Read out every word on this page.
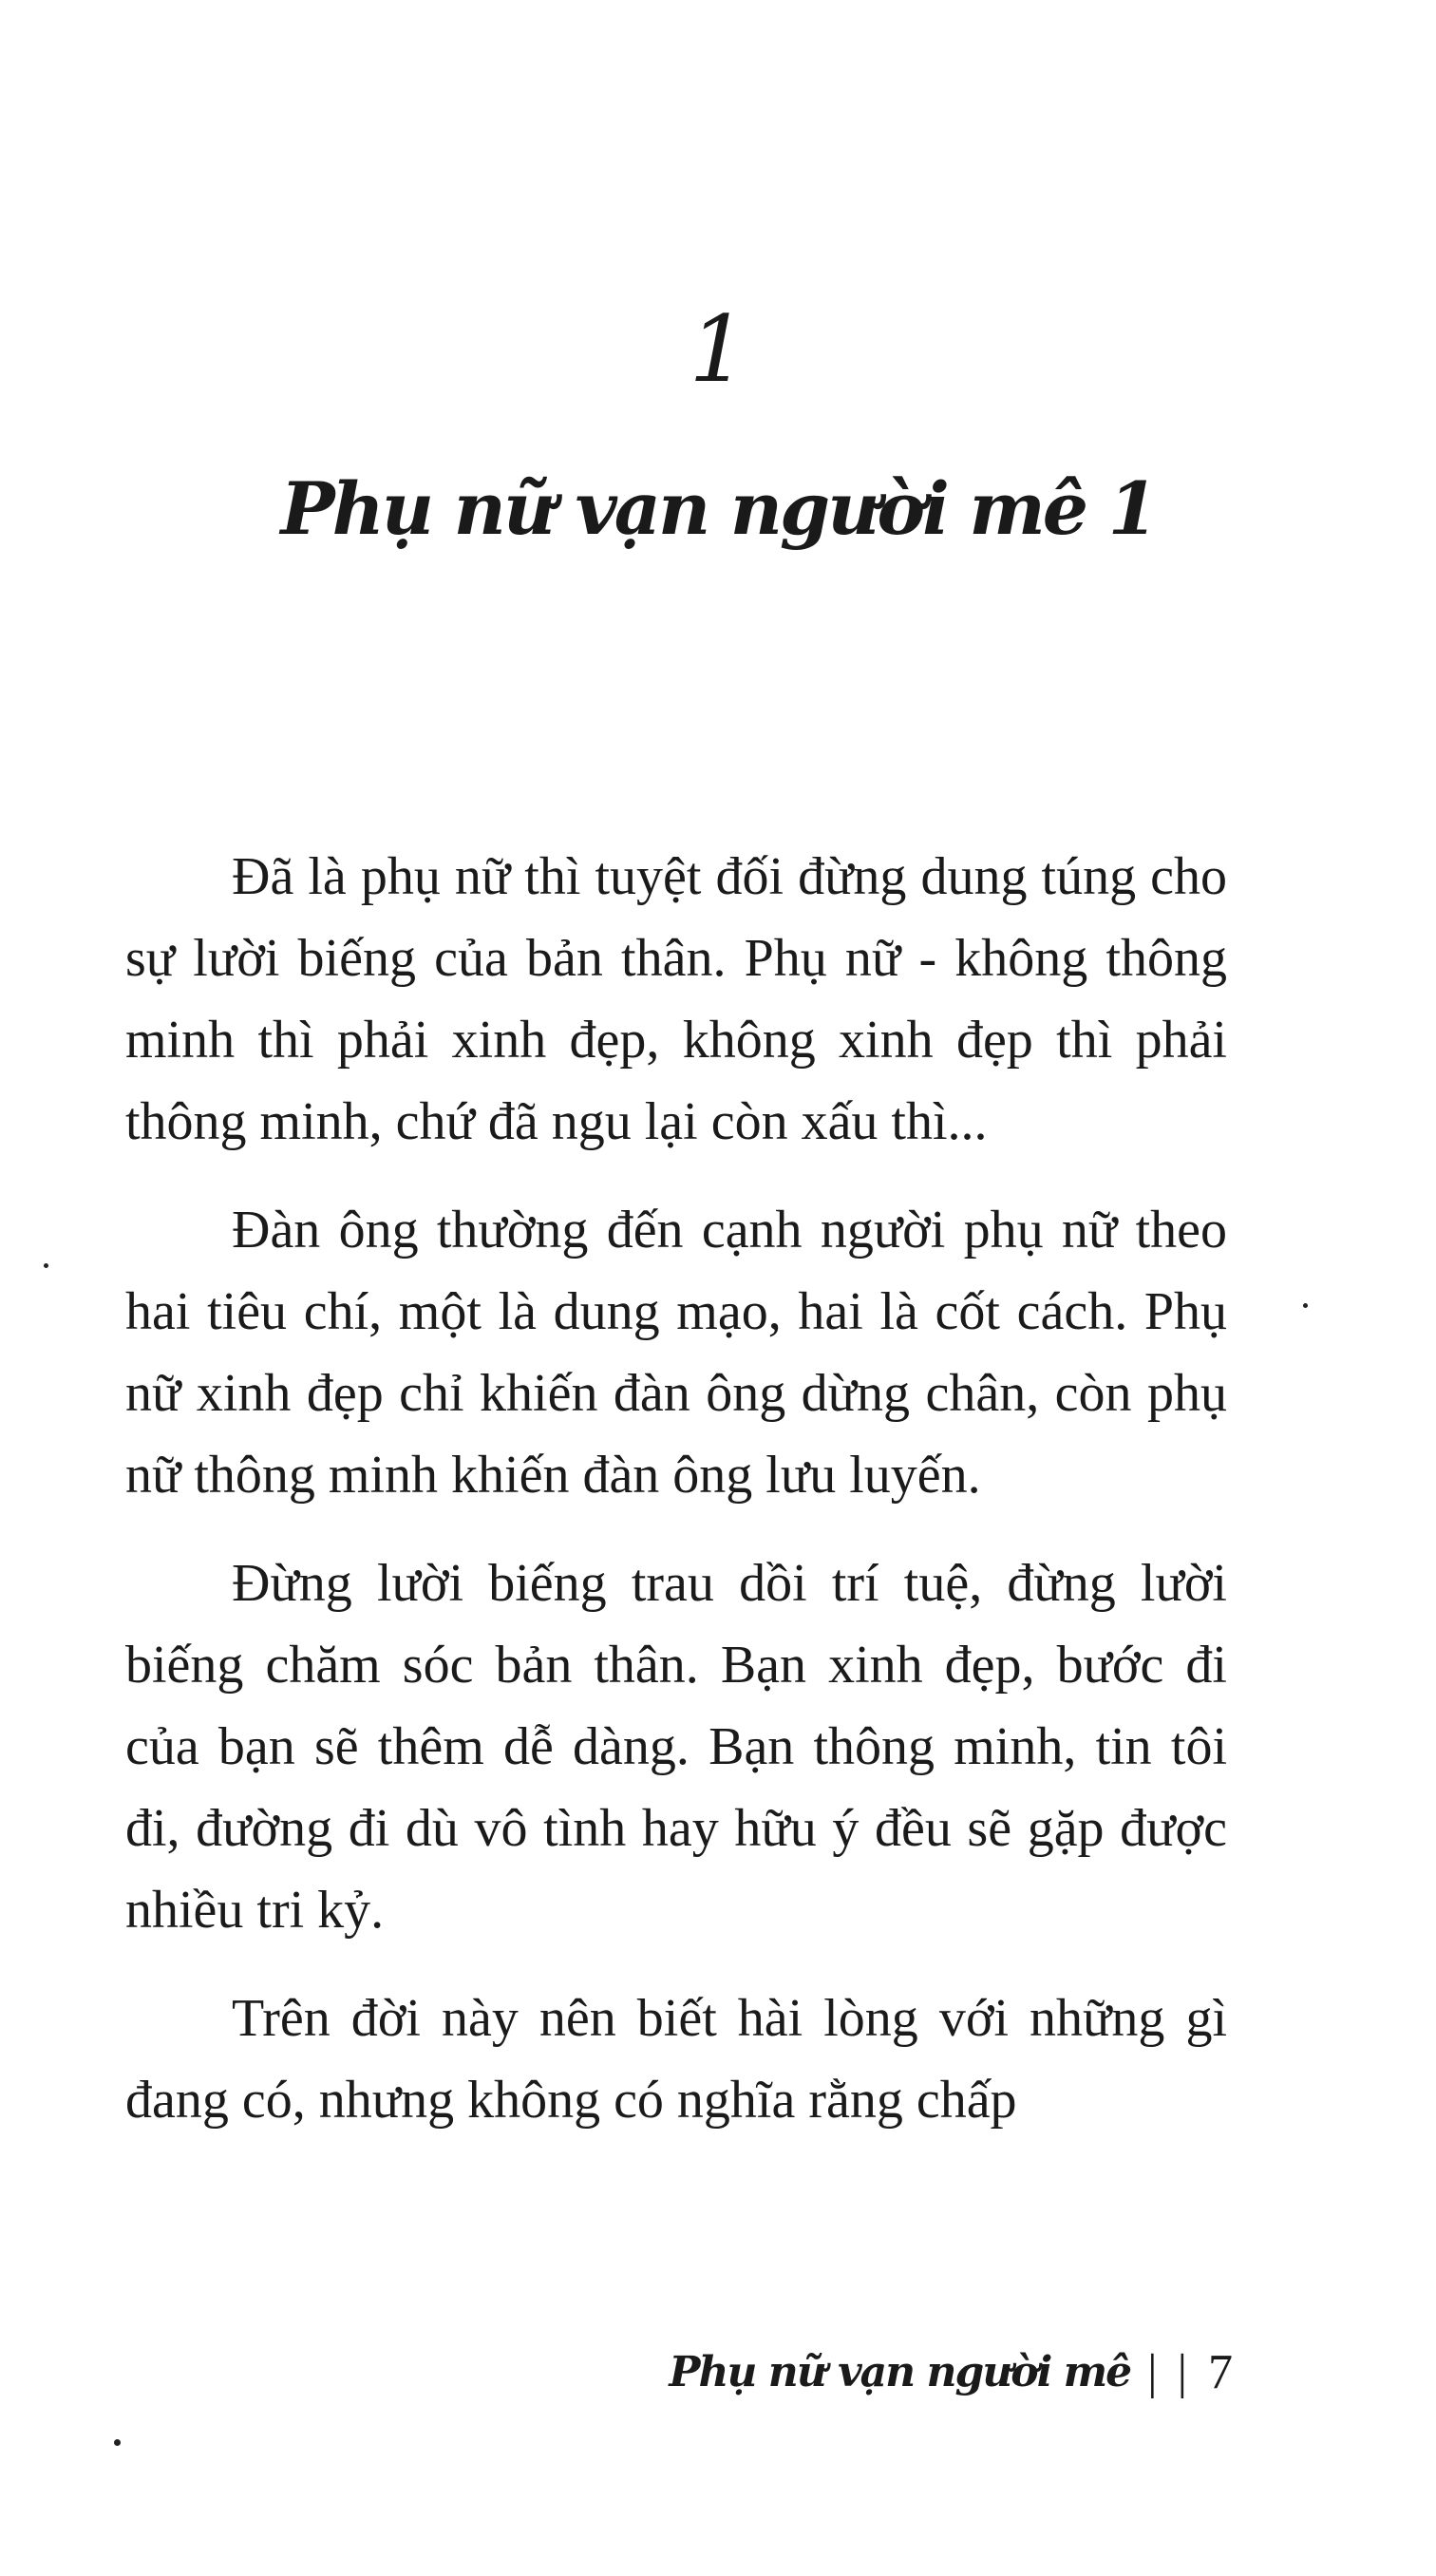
1
Phụ nữ vạn người mê 1

Đã là phụ nữ thì tuyệt đối đừng dung túng cho sự lười biếng của bản thân. Phụ nữ - không thông minh thì phải xinh đẹp, không xinh đẹp thì phải thông minh, chứ đã ngu lại còn xấu thì...

Đàn ông thường đến cạnh người phụ nữ theo hai tiêu chí, một là dung mạo, hai là cốt cách. Phụ nữ xinh đẹp chỉ khiến đàn ông dừng chân, còn phụ nữ thông minh khiến đàn ông lưu luyến.

Đừng lười biếng trau dồi trí tuệ, đừng lười biếng chăm sóc bản thân. Bạn xinh đẹp, bước đi của bạn sẽ thêm dễ dàng. Bạn thông minh, tin tôi đi, đường đi dù vô tình hay hữu ý đều sẽ gặp được nhiều tri kỷ.

Trên đời này nên biết hài lòng với những gì đang có, nhưng không có nghĩa rằng chấp

Phụ nữ vạn người mê | | 7
